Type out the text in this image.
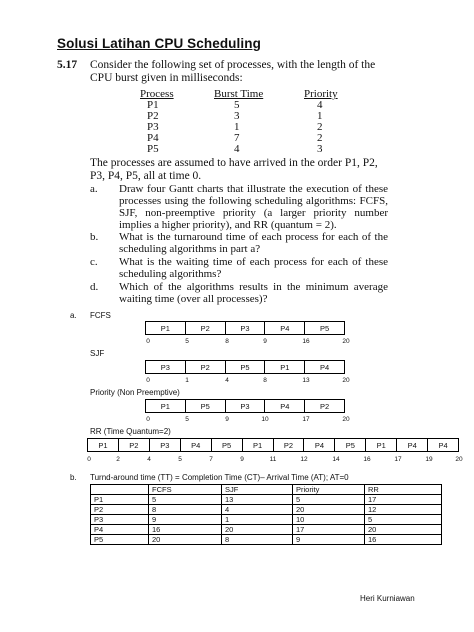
Solusi Latihan CPU Scheduling
5.17 Consider the following set of processes, with the length of the CPU burst given in milliseconds:
Process	Burst Time	Priority
P1	5	4
P2	3	1
P3	1	2
P4	7	2
P5	4	3
The processes are assumed to have arrived in the order P1, P2, P3, P4, P5, all at time 0.
a. Draw four Gantt charts that illustrate the execution of these processes using the following scheduling algorithms: FCFS, SJF, non-preemptive priority (a larger priority number implies a higher priority), and RR (quantum = 2).
b. What is the turnaround time of each process for each of the scheduling algorithms in part a?
c. What is the waiting time of each process for each of these scheduling algorithms?
d. Which of the algorithms results in the minimum average waiting time (over all processes)?
a. FCFS
P1	P2	P3	P4	P5
0	5	8	9	16	20
SJF
P3	P2	P5	P1	P4
0	1	4	8	13	20
Priority (Non Preemptive)
P1	P5	P3	P4	P2
0	5	9	10	17	20
RR (Time Quantum=2)
P1	P2	P3	P4	P5	P1	P2	P4	P5	P1	P4	P4
0	2	4	5	7	9	11	12	14	16	17	19	20
b. Turnd-around time (TT) = Completion Time (CT)– Arrival Time (AT); AT=0
	FCFS	SJF	Priority	RR
P1	5	13	5	17
P2	8	4	20	12
P3	9	1	10	5
P4	16	20	17	20
P5	20	8	9	16
Heri Kurniawan
